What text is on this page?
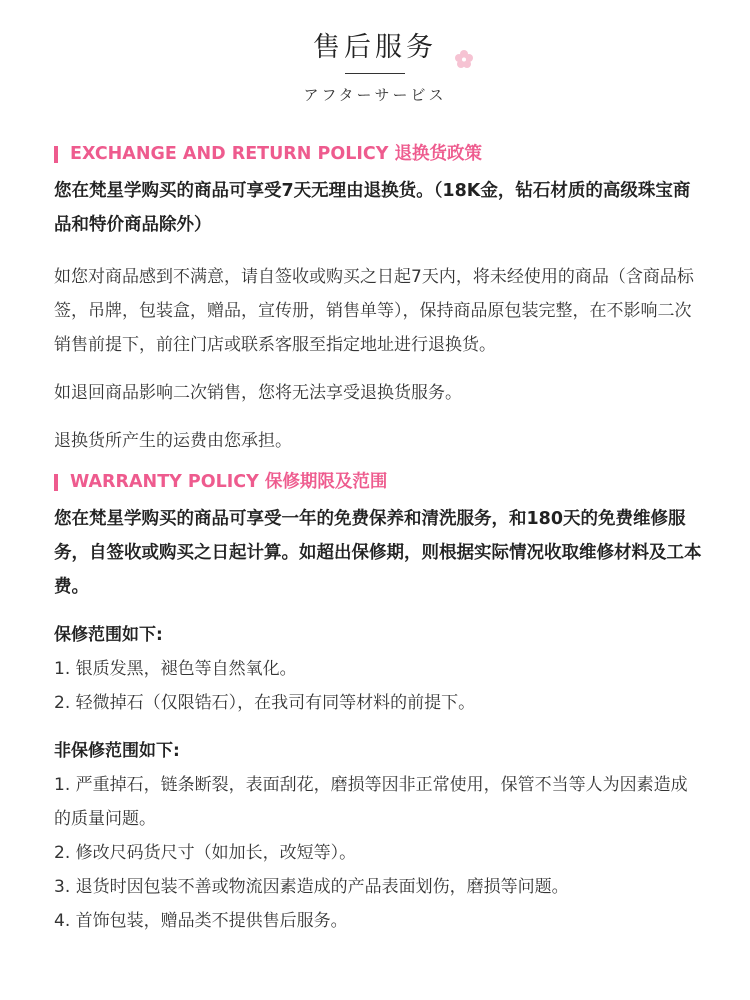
售后服务
アフターサービス
EXCHANGE AND RETURN POLICY 退换货政策

您在梵星学购买的商品可享受7天无理由退换货。（18K金，钻石材质的高级珠宝商品和特价商品除外）

如您对商品感到不满意，请自签收或购买之日起7天内，将未经使用的商品（含商品标签，吊牌，包装盒，赠品，宣传册，销售单等），保持商品原包装完整，在不影响二次销售前提下，前往门店或联系客服至指定地址进行退换货。

如退回商品影响二次销售，您将无法享受退换货服务。

退换货所产生的运费由您承担。

WARRANTY POLICY 保修期限及范围

您在梵星学购买的商品可享受一年的免费保养和清洗服务，和180天的免费维修服务，自签收或购买之日起计算。如超出保修期，则根据实际情况收取维修材料及工本费。

保修范围如下:

1. 银质发黑，褪色等自然氧化。

2. 轻微掉石（仅限锆石），在我司有同等材料的前提下。

非保修范围如下:

1. 严重掉石，链条断裂，表面刮花，磨损等因非正常使用，保管不当等人为因素造成的质量问题。

2. 修改尺码货尺寸（如加长，改短等）。

3. 退货时因包装不善或物流因素造成的产品表面划伤，磨损等问题。

4. 首饰包装，赠品类不提供售后服务。
